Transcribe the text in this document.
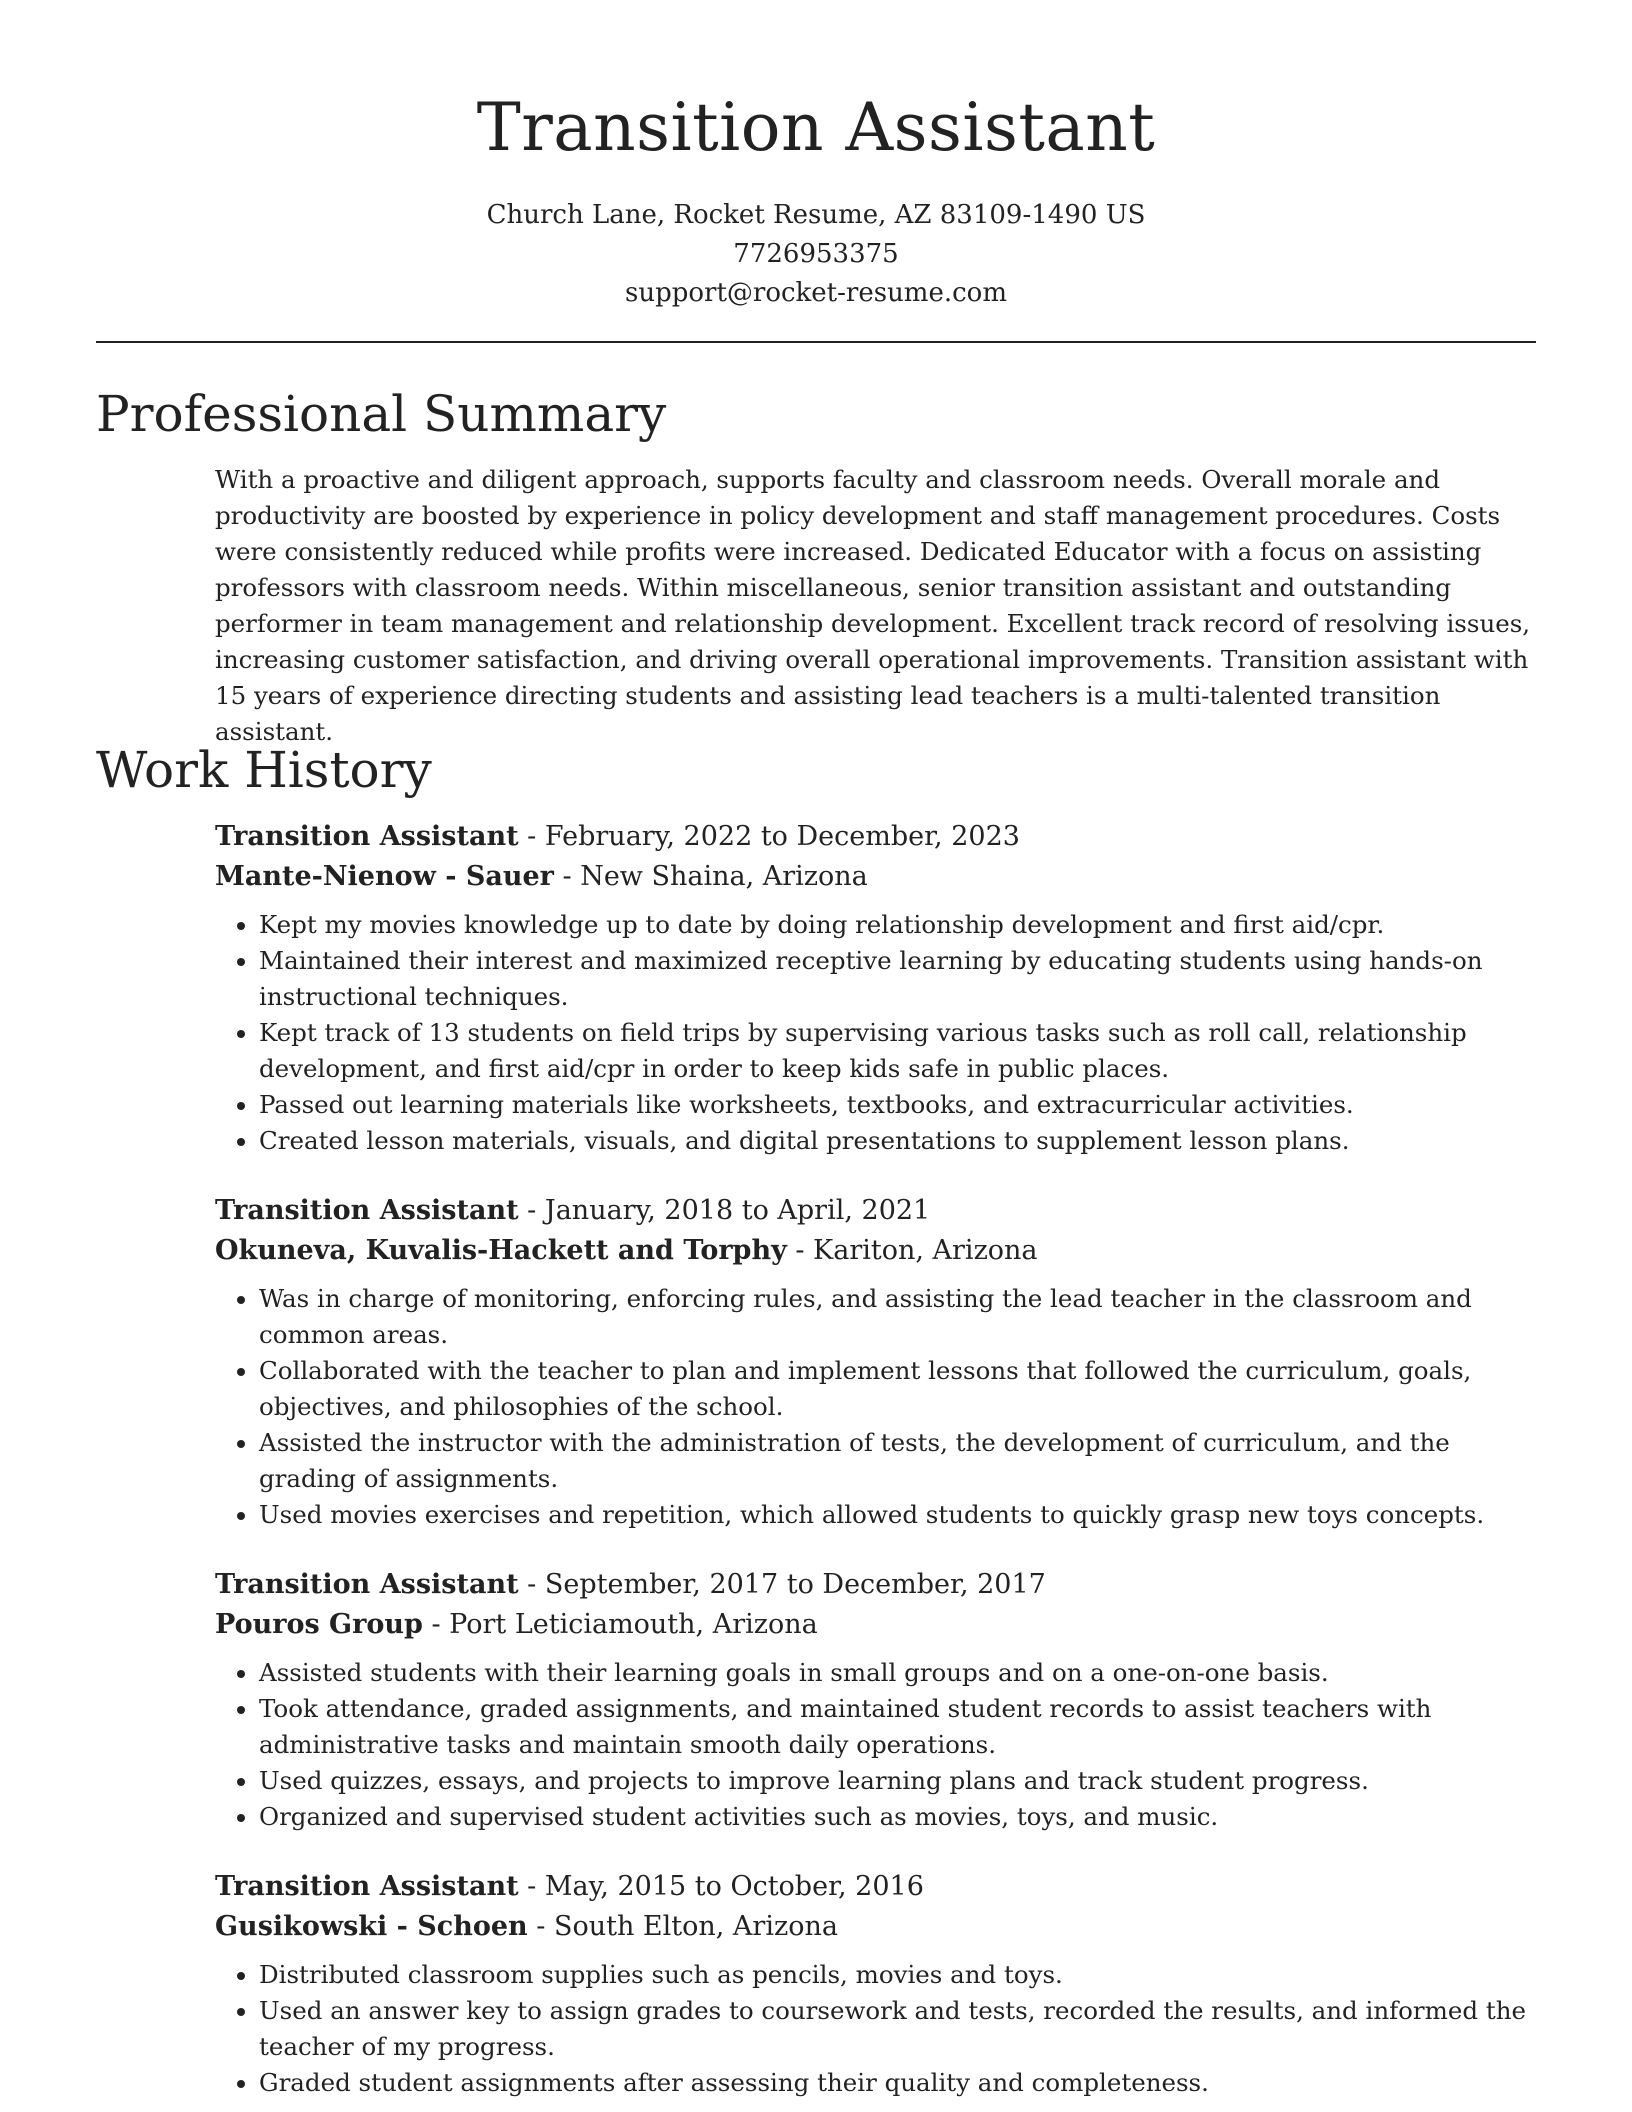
Transition Assistant
Church Lane, Rocket Resume, AZ 83109-1490 US
7726953375
support@rocket-resume.com
Professional Summary

With a proactive and diligent approach, supports faculty and classroom needs. Overall morale and productivity are boosted by experience in policy development and staff management procedures. Costs were consistently reduced while profits were increased. Dedicated Educator with a focus on assisting professors with classroom needs. Within miscellaneous, senior transition assistant and outstanding performer in team management and relationship development. Excellent track record of resolving issues, increasing customer satisfaction, and driving overall operational improvements. Transition assistant with 15 years of experience directing students and assisting lead teachers is a multi-talented transition assistant.

Work History

Transition Assistant - February, 2022 to December, 2023

Mante-Nienow - Sauer - New Shaina, Arizona

• Kept my movies knowledge up to date by doing relationship development and first aid/cpr.
• Maintained their interest and maximized receptive learning by educating students using hands-on instructional techniques.
• Kept track of 13 students on field trips by supervising various tasks such as roll call, relationship development, and first aid/cpr in order to keep kids safe in public places.
• Passed out learning materials like worksheets, textbooks, and extracurricular activities.
• Created lesson materials, visuals, and digital presentations to supplement lesson plans.

Transition Assistant - January, 2018 to April, 2021

Okuneva, Kuvalis-Hackett and Torphy - Kariton, Arizona

• Was in charge of monitoring, enforcing rules, and assisting the lead teacher in the classroom and common areas.
• Collaborated with the teacher to plan and implement lessons that followed the curriculum, goals, objectives, and philosophies of the school.
• Assisted the instructor with the administration of tests, the development of curriculum, and the grading of assignments.
• Used movies exercises and repetition, which allowed students to quickly grasp new toys concepts.

Transition Assistant - September, 2017 to December, 2017

Pouros Group - Port Leticiamouth, Arizona

• Assisted students with their learning goals in small groups and on a one-on-one basis.
• Took attendance, graded assignments, and maintained student records to assist teachers with administrative tasks and maintain smooth daily operations.
• Used quizzes, essays, and projects to improve learning plans and track student progress.
• Organized and supervised student activities such as movies, toys, and music.

Transition Assistant - May, 2015 to October, 2016

Gusikowski - Schoen - South Elton, Arizona

• Distributed classroom supplies such as pencils, movies and toys.
• Used an answer key to assign grades to coursework and tests, recorded the results, and informed the teacher of my progress.
• Graded student assignments after assessing their quality and completeness.
